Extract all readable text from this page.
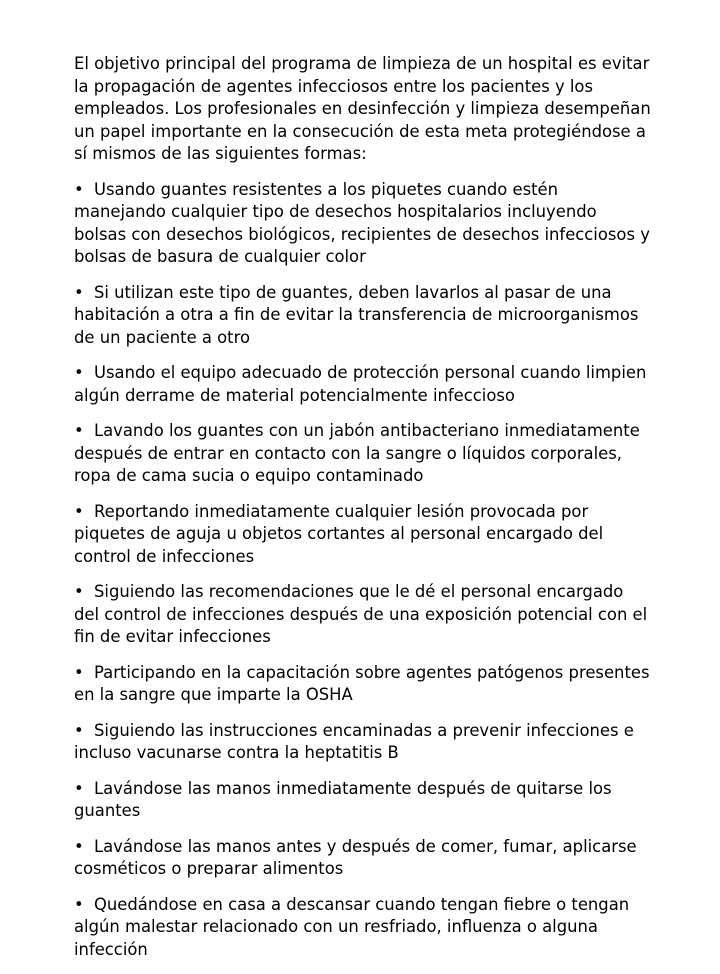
El objetivo principal del programa de limpieza de un hospital es evitar la propagación de agentes infecciosos entre los pacientes y los empleados. Los profesionales en desinfección y limpieza desempeñan un papel importante en la consecución de esta meta protegiéndose a sí mismos de las siguientes formas:

• Usando guantes resistentes a los piquetes cuando estén manejando cualquier tipo de desechos hospitalarios incluyendo bolsas con desechos biológicos, recipientes de desechos infecciosos y bolsas de basura de cualquier color
• Si utilizan este tipo de guantes, deben lavarlos al pasar de una habitación a otra a fin de evitar la transferencia de microorganismos de un paciente a otro
• Usando el equipo adecuado de protección personal cuando limpien algún derrame de material potencialmente infeccioso
• Lavando los guantes con un jabón antibacteriano inmediatamente después de entrar en contacto con la sangre o líquidos corporales, ropa de cama sucia o equipo contaminado
• Reportando inmediatamente cualquier lesión provocada por piquetes de aguja u objetos cortantes al personal encargado del control de infecciones
• Siguiendo las recomendaciones que le dé el personal encargado del control de infecciones después de una exposición potencial con el fin de evitar infecciones
• Participando en la capacitación sobre agentes patógenos presentes en la sangre que imparte la OSHA
• Siguiendo las instrucciones encaminadas a prevenir infecciones e incluso vacunarse contra la heptatitis B
• Lavándose las manos inmediatamente después de quitarse los guantes
• Lavándose las manos antes y después de comer, fumar, aplicarse cosméticos o preparar alimentos
• Quedándose en casa a descansar cuando tengan fiebre o tengan algún malestar relacionado con un resfriado, influenza o alguna infección
